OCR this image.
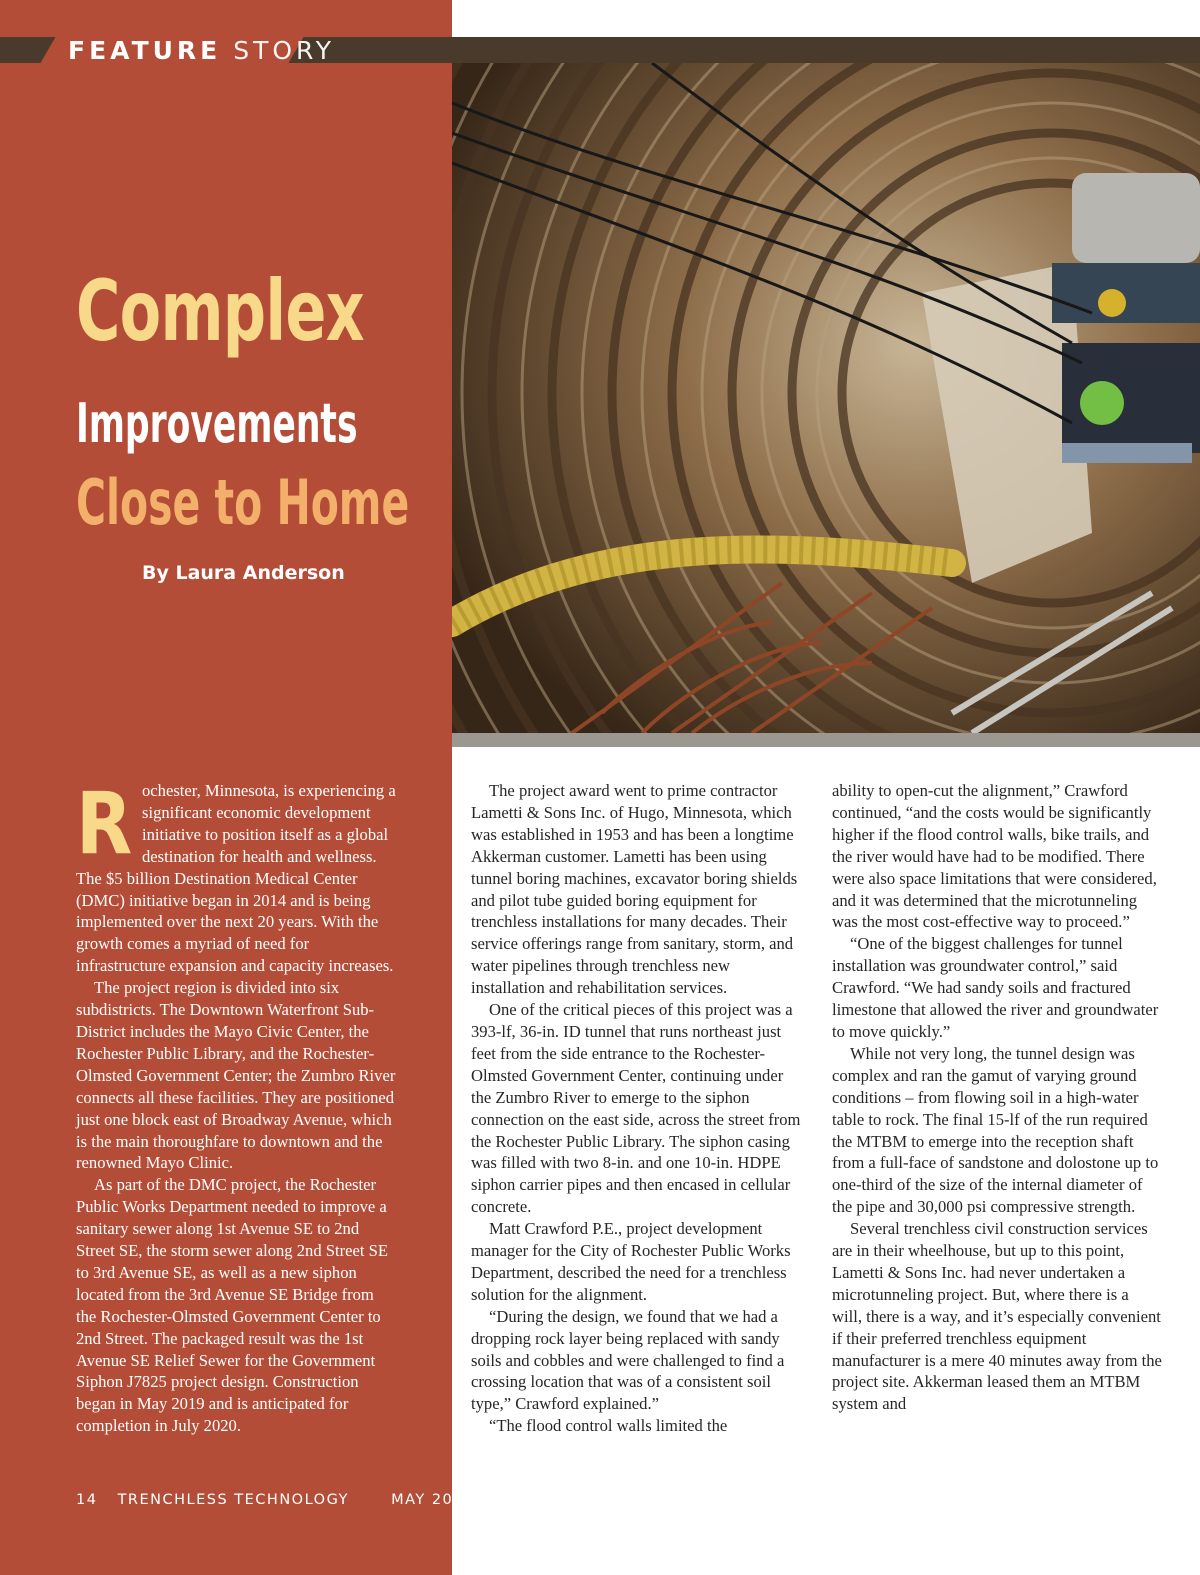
FEATURE STORY
Complex
Improvements
Close to Home
By Laura Anderson

Rochester, Minnesota, is experiencing a significant economic development initiative to position itself as a global destination for health and wellness. The $5 billion Destination Medical Center (DMC) initiative began in 2014 and is being implemented over the next 20 years. With the growth comes a myriad of need for infrastructure expansion and capacity increases.

The project region is divided into six subdistricts. The Downtown Waterfront Sub-District includes the Mayo Civic Center, the Rochester Public Library, and the Rochester-Olmsted Government Center; the Zumbro River connects all these facilities. They are positioned just one block east of Broadway Avenue, which is the main thoroughfare to downtown and the renowned Mayo Clinic.

As part of the DMC project, the Rochester Public Works Department needed to improve a sanitary sewer along 1st Avenue SE to 2nd Street SE, the storm sewer along 2nd Street SE to 3rd Avenue SE, as well as a new siphon located from the 3rd Avenue SE Bridge from the Rochester-Olmsted Government Center to 2nd Street. The packaged result was the 1st Avenue SE Relief Sewer for the Government Siphon J7825 project design. Construction began in May 2019 and is anticipated for completion in July 2020.

The project award went to prime contractor Lametti & Sons Inc. of Hugo, Minnesota, which was established in 1953 and has been a longtime Akkerman customer. Lametti has been using tunnel boring machines, excavator boring shields and pilot tube guided boring equipment for trenchless installations for many decades. Their service offerings range from sanitary, storm, and water pipelines through trenchless new installation and rehabilitation services.

One of the critical pieces of this project was a 393-lf, 36-in. ID tunnel that runs northeast just feet from the side entrance to the Rochester-Olmsted Government Center, continuing under the Zumbro River to emerge to the siphon connection on the east side, across the street from the Rochester Public Library. The siphon casing was filled with two 8-in. and one 10-in. HDPE siphon carrier pipes and then encased in cellular concrete.

Matt Crawford P.E., project development manager for the City of Rochester Public Works Department, described the need for a trenchless solution for the alignment.

“During the design, we found that we had a dropping rock layer being replaced with sandy soils and cobbles and were challenged to find a crossing location that was of a consistent soil type,” Crawford explained.”

“The flood control walls limited the

ability to open-cut the alignment,” Crawford continued, “and the costs would be significantly higher if the flood control walls, bike trails, and the river would have had to be modified. There were also space limitations that were considered, and it was determined that the microtunneling was the most cost-effective way to proceed.”

“One of the biggest challenges for tunnel installation was groundwater control,” said Crawford. “We had sandy soils and fractured limestone that allowed the river and groundwater to move quickly.”

While not very long, the tunnel design was complex and ran the gamut of varying ground conditions – from flowing soil in a high-water table to rock. The final 15-lf of the run required the MTBM to emerge into the reception shaft from a full-face of sandstone and dolostone up to one-third of the size of the internal diameter of the pipe and 30,000 psi compressive strength.

Several trenchless civil construction services are in their wheelhouse, but up to this point, Lametti & Sons Inc. had never undertaken a microtunneling project. But, where there is a will, there is a way, and it’s especially convenient if their preferred trenchless equipment manufacturer is a mere 40 minutes away from the project site. Akkerman leased them an MTBM system and

14 TRENCHLESS TECHNOLOGY	MAY 2020
